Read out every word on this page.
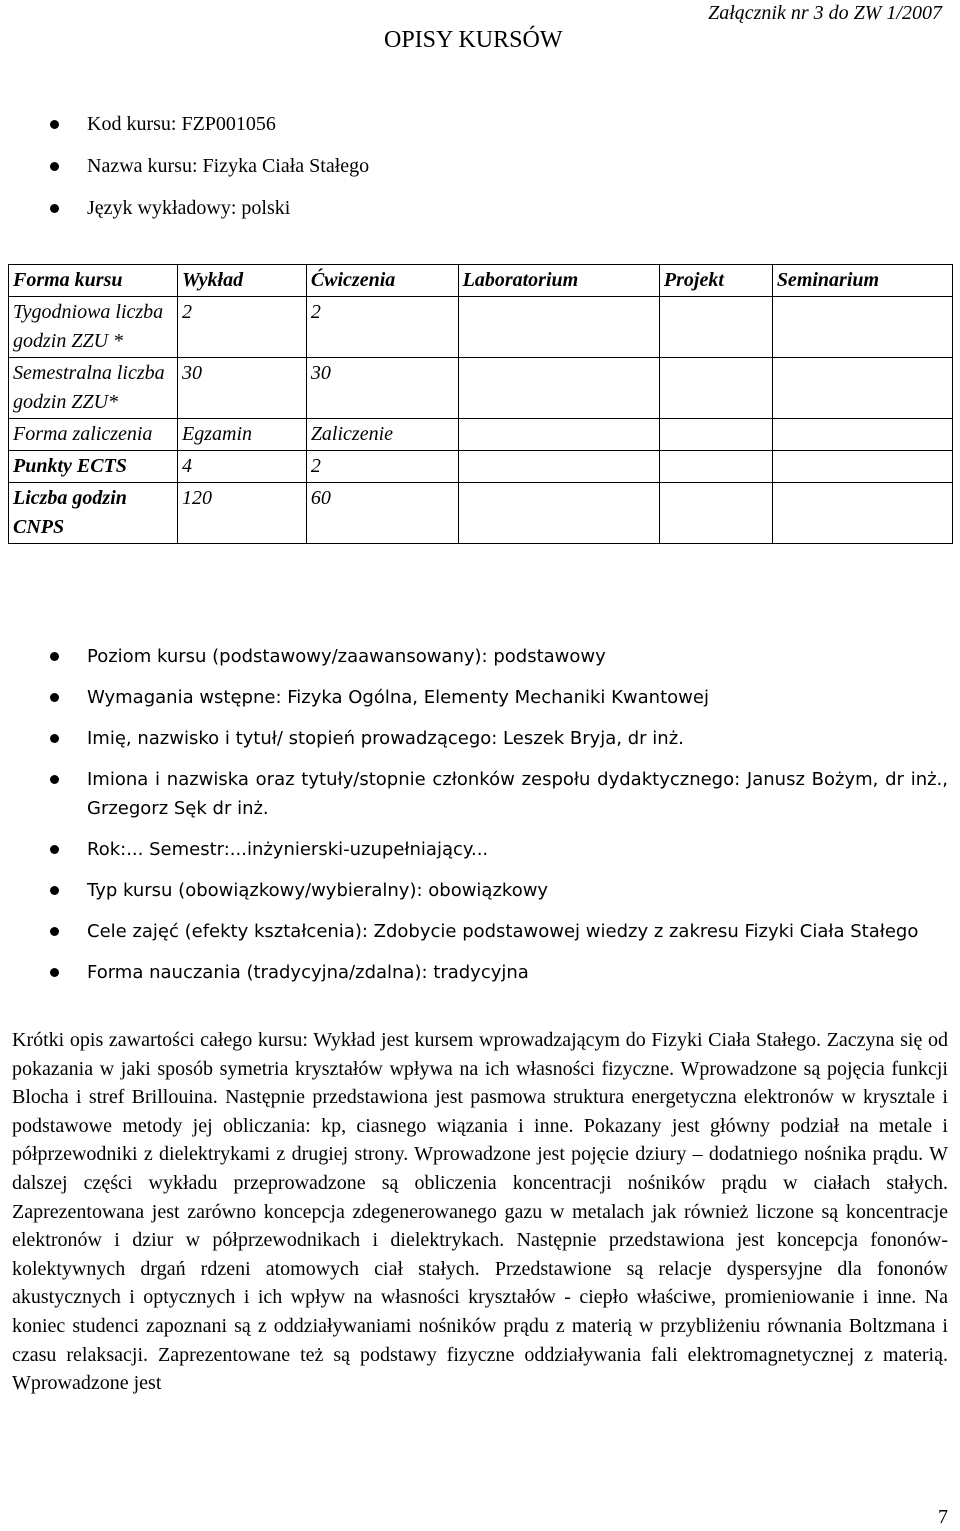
Załącznik nr 3 do ZW 1/2007
OPISY KURSÓW
Kod kursu: FZP001056
Nazwa kursu: Fizyka Ciała Stałego
Język wykładowy: polski
Forma kursu	Wykład	Ćwiczenia	Laboratorium	Projekt	Seminarium
Tygodniowa liczba godzin ZZU *	2	2			
Semestralna liczba godzin ZZU*	30	30			
Forma zaliczenia	Egzamin	Zaliczenie			
Punkty ECTS	4	2			
Liczba godzin CNPS	120	60			
Poziom kursu (podstawowy/zaawansowany): podstawowy
Wymagania wstępne: Fizyka Ogólna, Elementy Mechaniki Kwantowej
Imię, nazwisko i tytuł/ stopień prowadzącego: Leszek Bryja, dr inż.
Imiona i nazwiska oraz tytuły/stopnie członków zespołu dydaktycznego: Janusz Bożym, dr inż., Grzegorz Sęk dr inż.
Rok:... Semestr:...inżynierski-uzupełniający...
Typ kursu (obowiązkowy/wybieralny): obowiązkowy
Cele zajęć (efekty kształcenia): Zdobycie podstawowej wiedzy z zakresu Fizyki Ciała Stałego
Forma nauczania (tradycyjna/zdalna): tradycyjna
Krótki opis zawartości całego kursu: Wykład jest kursem wprowadzającym do Fizyki Ciała Stałego. Zaczyna się od pokazania w jaki sposób symetria kryształów wpływa na ich własności fizyczne. Wprowadzone są pojęcia funkcji Blocha i stref Brillouina. Następnie przedstawiona jest pasmowa struktura energetyczna elektronów w krysztale i podstawowe metody jej obliczania: kp, ciasnego wiązania i inne. Pokazany jest główny podział na metale i półprzewodniki z dielektrykami z drugiej strony. Wprowadzone jest pojęcie dziury – dodatniego nośnika prądu. W dalszej części wykładu przeprowadzone są obliczenia koncentracji nośników prądu w ciałach stałych. Zaprezentowana jest zarówno koncepcja zdegenerowanego gazu w metalach jak również liczone są koncentracje elektronów i dziur w półprzewodnikach i dielektrykach. Następnie przedstawiona jest koncepcja fononów-kolektywnych drgań rdzeni atomowych ciał stałych. Przedstawione są relacje dyspersyjne dla fononów akustycznych i optycznych i ich wpływ na własności kryształów - ciepło właściwe, promieniowanie i inne. Na koniec studenci zapoznani są z oddziaływaniami nośników prądu z materią w przybliżeniu równania Boltzmana i czasu relaksacji. Zaprezentowane też są podstawy fizyczne oddziaływania fali elektromagnetycznej z materią. Wprowadzone jest
7
